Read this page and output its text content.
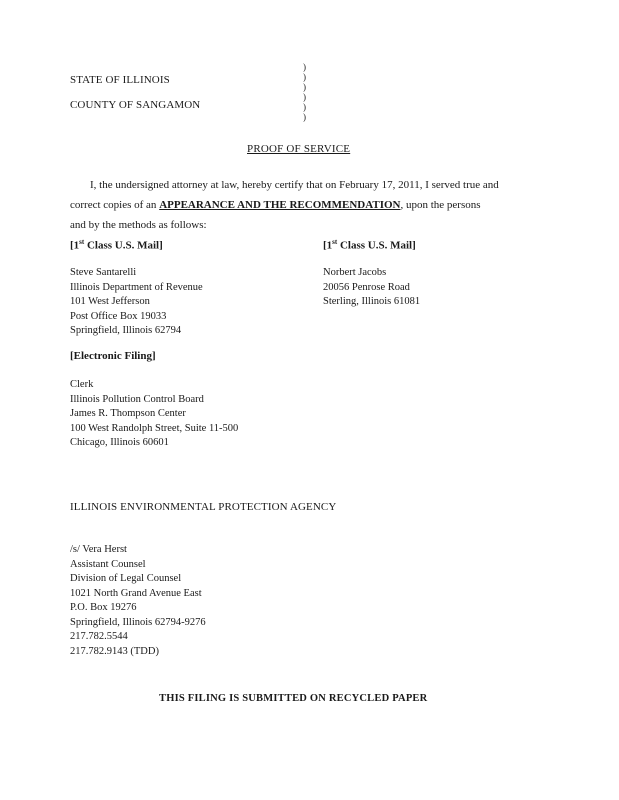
STATE OF ILLINOIS
COUNTY OF SANGAMON
)
)
)
)
)
)
PROOF OF SERVICE
I, the undersigned attorney at law, hereby certify that on February 17, 2011, I served true and
correct copies of an APPEARANCE AND THE RECOMMENDATION, upon the persons
and by the methods as follows:
[1st Class U.S. Mail]	[1st Class U.S. Mail]
Steve Santarelli
Illinois Department of Revenue
101 West Jefferson
Post Office Box 19033
Springfield, Illinois 62794
Norbert Jacobs
20056 Penrose Road
Sterling, Illinois 61081
[Electronic Filing]
Clerk
Illinois Pollution Control Board
James R. Thompson Center
100 West Randolph Street, Suite 11-500
Chicago, Illinois 60601
ILLINOIS ENVIRONMENTAL PROTECTION AGENCY
/s/ Vera Herst
Assistant Counsel
Division of Legal Counsel
1021 North Grand Avenue East
P.O. Box 19276
Springfield, Illinois 62794-9276
217.782.5544
217.782.9143 (TDD)
THIS FILING IS SUBMITTED ON RECYCLED PAPER
